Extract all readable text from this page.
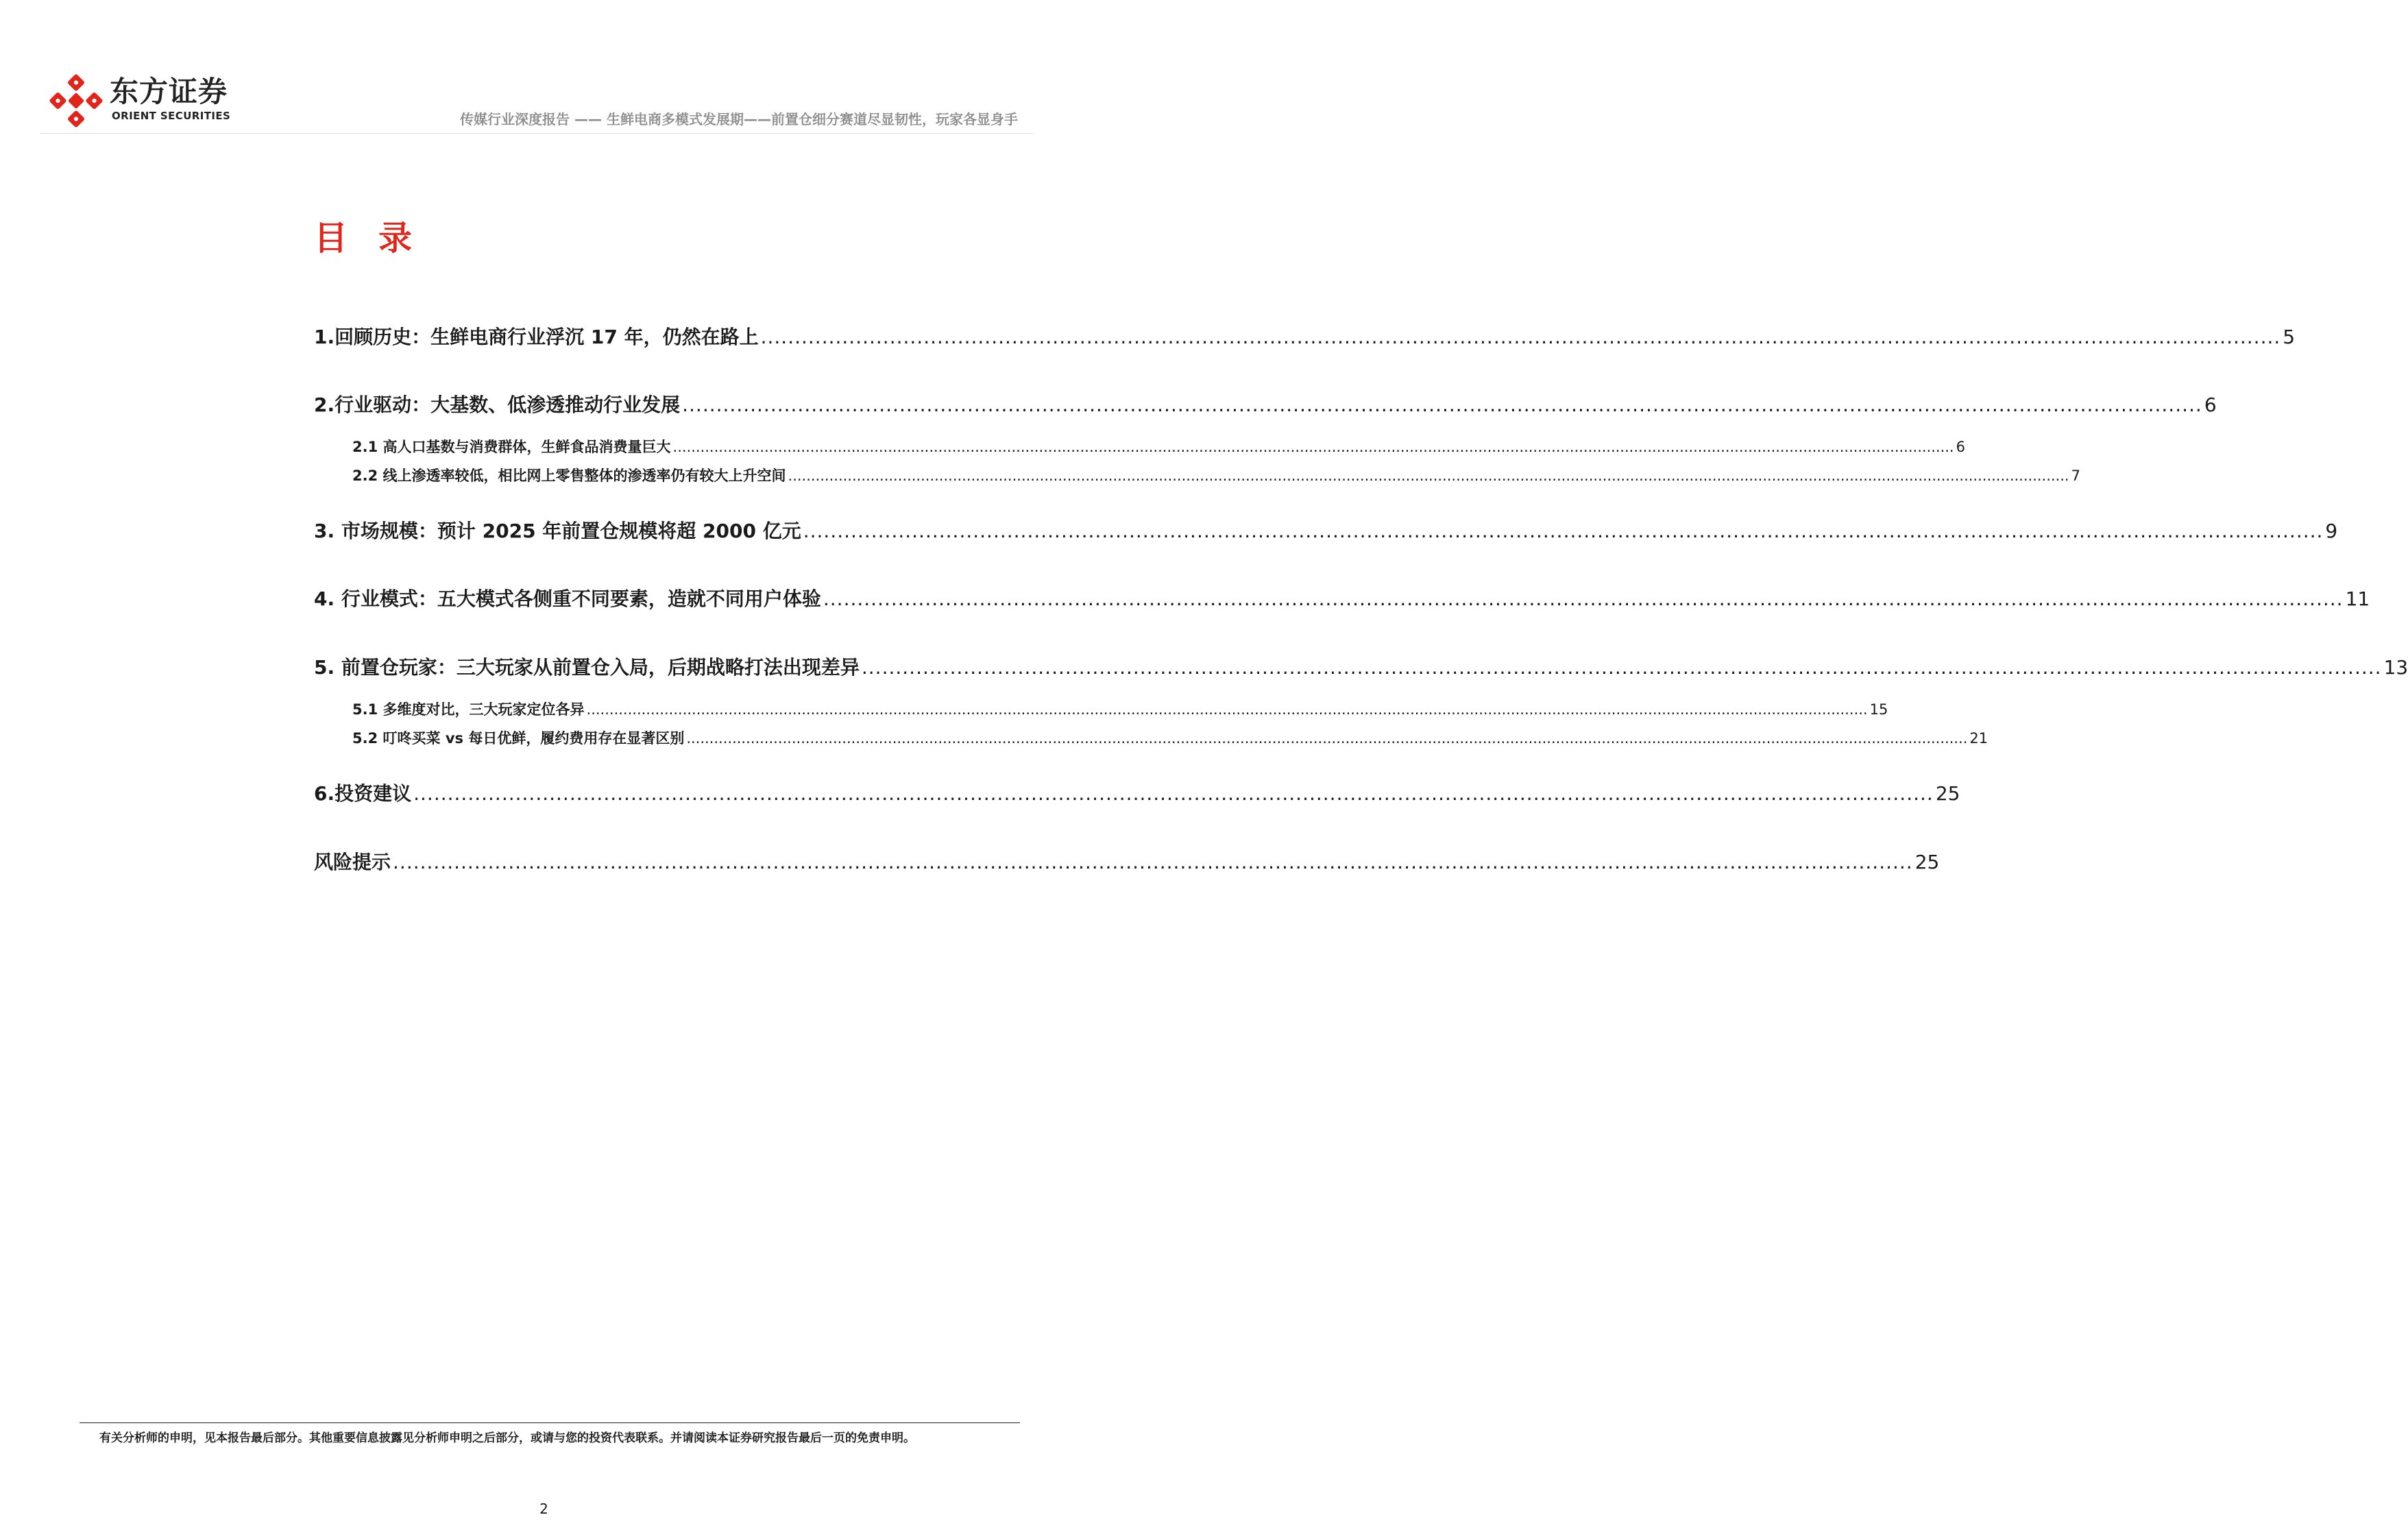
东方证券
ORIENT SECURITIES	传媒行业深度报告 —— 生鲜电商多模式发展期——前置仓细分赛道尽显韧性，玩家各显身手
目 录
1.回顾历史：生鲜电商行业浮沉 17 年，仍然在路上 ................................................................................................................................................................................................................................ 5
2.行业驱动：大基数、低渗透推动行业发展 ................................................................................................................................................................................................................................ 6
2.1 高人口基数与消费群体，生鲜食品消费量巨大 ........................................................................................................................................................................................................................................................................................ 6
2.2 线上渗透率较低，相比网上零售整体的渗透率仍有较大上升空间 ........................................................................................................................................................................................................................................................................................ 7
3. 市场规模：预计 2025 年前置仓规模将超 2000 亿元 ................................................................................................................................................................................................................................ 9
4. 行业模式：五大模式各侧重不同要素，造就不同用户体验 ................................................................................................................................................................................................................................ 11
5. 前置仓玩家：三大玩家从前置仓入局，后期战略打法出现差异 ................................................................................................................................................................................................................................ 13
5.1 多维度对比，三大玩家定位各异 ........................................................................................................................................................................................................................................................................................ 15
5.2 叮咚买菜 vs 每日优鲜，履约费用存在显著区别 ........................................................................................................................................................................................................................................................................................ 21
6.投资建议 ................................................................................................................................................................................................................................ 25
风险提示 ................................................................................................................................................................................................................................ 25
有关分析师的申明，见本报告最后部分。其他重要信息披露见分析师申明之后部分，或请与您的投资代表联系。并请阅读本证券研究报告最后一页的免责申明。
2
